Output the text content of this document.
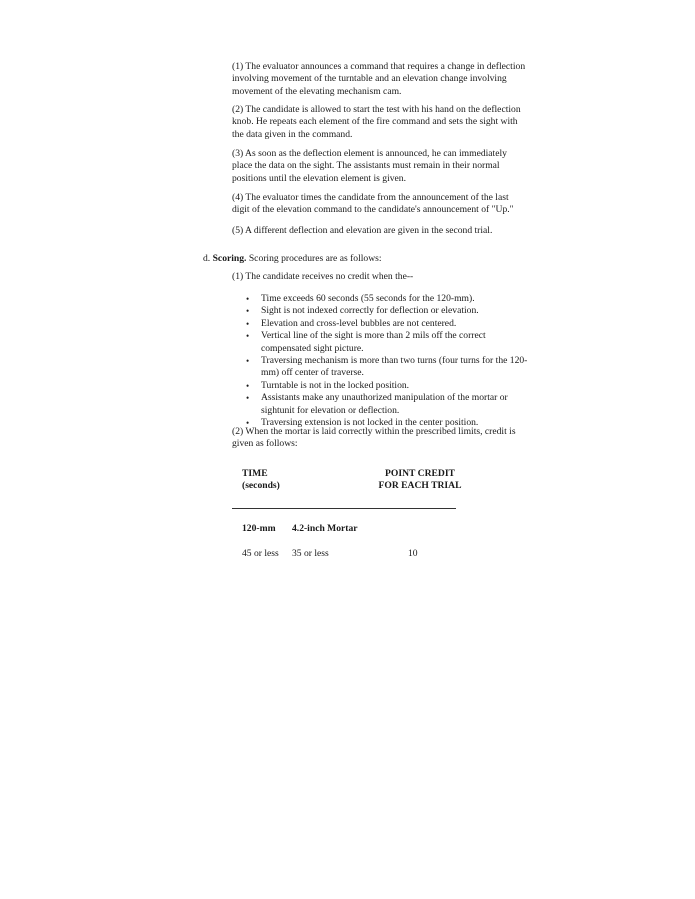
(1) The evaluator announces a command that requires a change in deflection involving movement of the turntable and an elevation change involving movement of the elevating mechanism cam.

(2) The candidate is allowed to start the test with his hand on the deflection knob. He repeats each element of the fire command and sets the sight with the data given in the command.

(3) As soon as the deflection element is announced, he can immediately place the data on the sight. The assistants must remain in their normal positions until the elevation element is given.

(4) The evaluator times the candidate from the announcement of the last digit of the elevation command to the candidate's announcement of "Up."

(5) A different deflection and elevation are given in the second trial.

d. Scoring. Scoring procedures are as follows:

(1) The candidate receives no credit when the--

• Time exceeds 60 seconds (55 seconds for the 120-mm).
• Sight is not indexed correctly for deflection or elevation.
• Elevation and cross-level bubbles are not centered.
• Vertical line of the sight is more than 2 mils off the correct compensated sight picture.
• Traversing mechanism is more than two turns (four turns for the 120-mm) off center of traverse.
• Turntable is not in the locked position.
• Assistants make any unauthorized manipulation of the mortar or sightunit for elevation or deflection.
• Traversing extension is not locked in the center position.

(2) When the mortar is laid correctly within the prescribed limits, credit is given as follows:

TIME
(seconds)
POINT CREDIT
FOR EACH TRIAL

120-mm 4.2-inch Mortar

45 or less 35 or less	10
